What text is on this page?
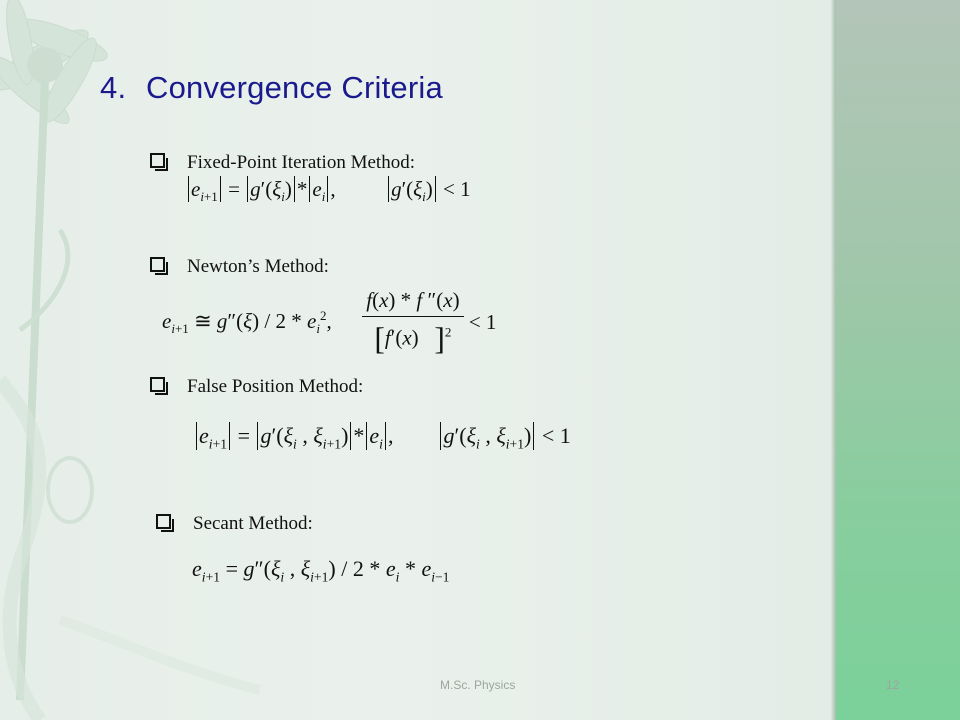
4. Convergence Criteria
Fixed-Point Iteration Method:
$e_{i+1} = g'(\xi_i) * e_i$ ,  $g'(\xi_i) < 1$
Newton’s Method:
$e_{i+1}$ ≅ $g''(\xi) / 2 * e_i^2$, $\frac{f(x) * f ''(x)}{[f'(x) ]^2} < 1$
False Position Method:
$e_{i+1} = g'(\xi_i$ , $\xi_{i+1}) * e_i$ ,  $g'(\xi_i$ , $\xi_{i+1}) < 1$
Secant Method:
$e_{i+1} = g''(\xi_i$ , $\xi_{i+1}) / 2 * e_i * e_{i-1}$
M.Sc. Physics	12
